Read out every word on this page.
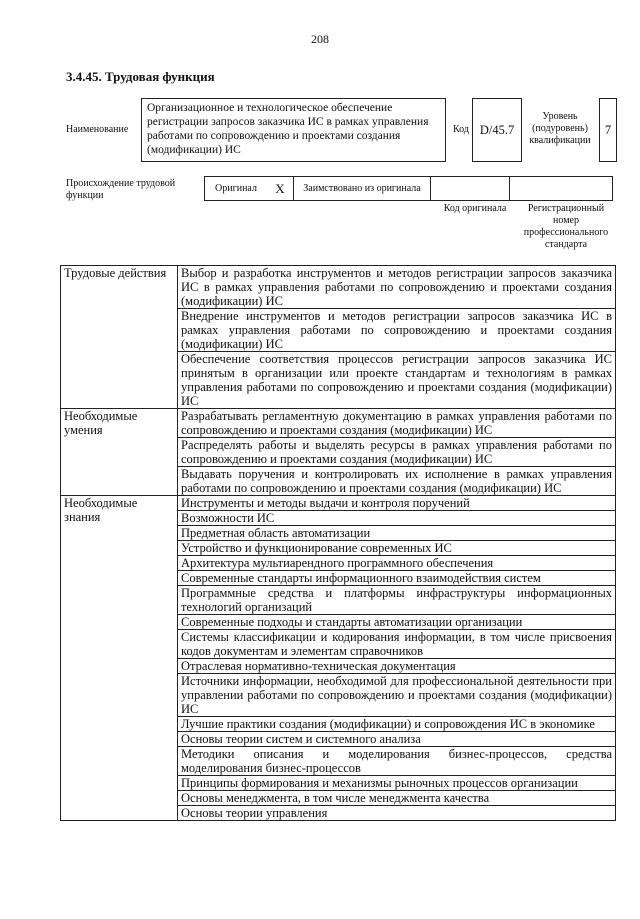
208
3.4.45. Трудовая функция
Наименование
Организационное и технологическое обеспечение регистрации запросов заказчика ИС в рамках управления работами по сопровождению и проектами создания (модификации) ИС
Код D/45.7
Уровень (подуровень) квалификации
7
Происхождение трудовой функции
Оригинал	X	Заимствовано из оригинала		
Код оригинала	Регистрационный номер профессионального стандарта
Трудовые действия	Выбор и разработка инструментов и методов регистрации запросов заказчика ИС в рамках управления работами по сопровождению и проектами создания (модификации) ИС
	Внедрение инструментов и методов регистрации запросов заказчика ИС в рамках управления работами по сопровождению и проектами создания (модификации) ИС
	Обеспечение соответствия процессов регистрации запросов заказчика ИС принятым в организации или проекте стандартам и технологиям в рамках управления работами по сопровождению и проектами создания (модификации) ИС
Необходимые умения	Разрабатывать регламентную документацию в рамках управления работами по сопровождению и проектами создания (модификации) ИС
	Распределять работы и выделять ресурсы в рамках управления работами по сопровождению и проектами создания (модификации) ИС
	Выдавать поручения и контролировать их исполнение в рамках управления работами по сопровождению и проектами создания (модификации) ИС
Необходимые знания	Инструменты и методы выдачи и контроля поручений
	Возможности ИС
	Предметная область автоматизации
	Устройство и функционирование современных ИС
	Архитектура мультиарендного программного обеспечения
	Современные стандарты информационного взаимодействия систем
	Программные средства и платформы инфраструктуры информационных технологий организаций
	Современные подходы и стандарты автоматизации организации
	Системы классификации и кодирования информации, в том числе присвоения кодов документам и элементам справочников
	Отраслевая нормативно-техническая документация
	Источники информации, необходимой для профессиональной деятельности при управлении работами по сопровождению и проектами создания (модификации) ИС
	Лучшие практики создания (модификации) и сопровождения ИС в экономике
	Основы теории систем и системного анализа
	Методики описания и моделирования бизнес-процессов, средства моделирования бизнес-процессов
	Принципы формирования и механизмы рыночных процессов организации
	Основы менеджмента, в том числе менеджмента качества
	Основы теории управления
